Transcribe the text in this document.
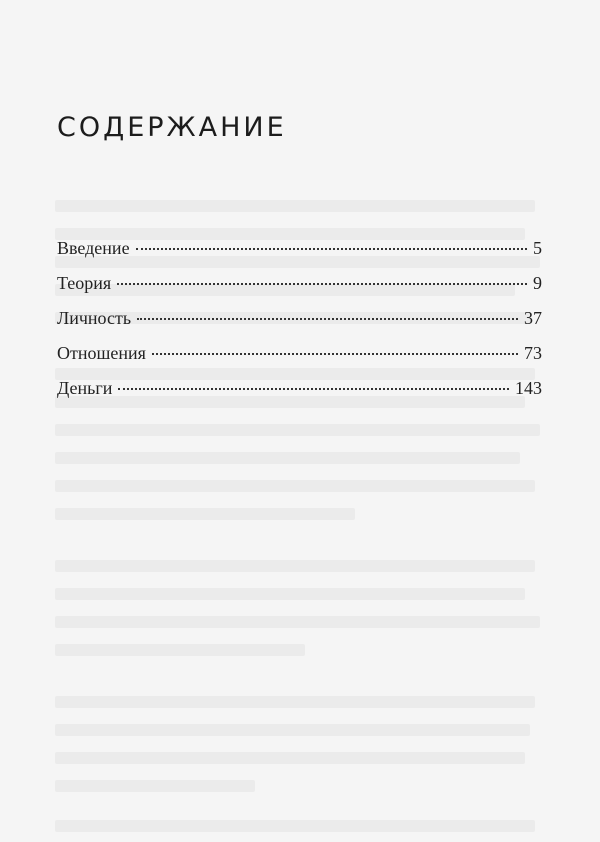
СОДЕРЖАНИЕ
Введение	5
Теория	9
Личность	37
Отношения	73
Деньги	143
